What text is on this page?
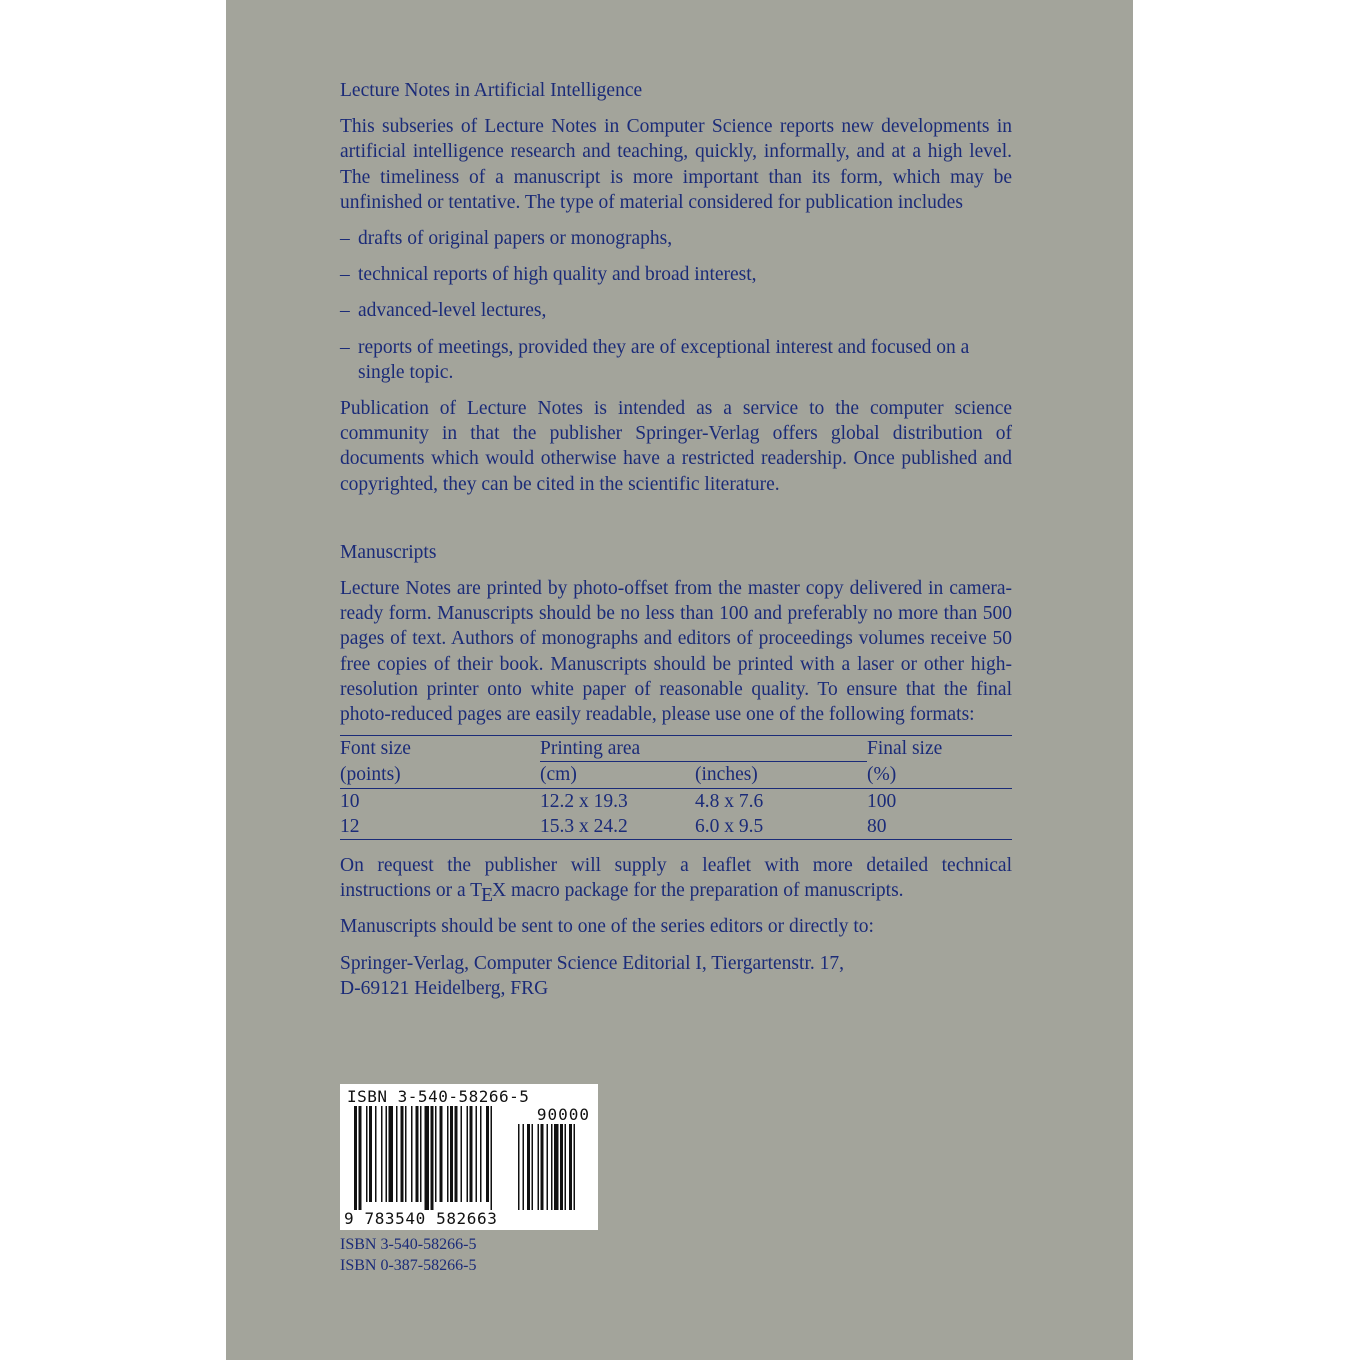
Lecture Notes in Artificial Intelligence

This subseries of Lecture Notes in Computer Science reports new developments in artificial intelligence research and teaching, quickly, informally, and at a high level. The timeliness of a manuscript is more important than its form, which may be unfinished or tentative. The type of material considered for publication includes

– drafts of original papers or monographs,
– technical reports of high quality and broad interest,
– advanced-level lectures,
– reports of meetings, provided they are of exceptional interest and focused on a single topic.

Publication of Lecture Notes is intended as a service to the computer science community in that the publisher Springer-Verlag offers global distribution of documents which would otherwise have a restricted readership. Once published and copyrighted, they can be cited in the scientific literature.

Manuscripts

Lecture Notes are printed by photo-offset from the master copy delivered in camera-ready form. Manuscripts should be no less than 100 and preferably no more than 500 pages of text. Authors of monographs and editors of proceedings volumes receive 50 free copies of their book. Manuscripts should be printed with a laser or other high-resolution printer onto white paper of reasonable quality. To ensure that the final photo-reduced pages are easily readable, please use one of the following formats:

Font size	Printing area		Final size
(points)	(cm)	(inches)	(%)
10	12.2 x 19.3	4.8 x 7.6	100
12	15.3 x 24.2	6.0 x 9.5	80

On request the publisher will supply a leaflet with more detailed technical instructions or a TEX macro package for the preparation of manuscripts.

Manuscripts should be sent to one of the series editors or directly to:

Springer-Verlag, Computer Science Editorial I, Tiergartenstr. 17,
D-69121 Heidelberg, FRG

ISBN 3-540-58266-5
90000
9 783540 582663
ISBN 3-540-58266-5
ISBN 0-387-58266-5
